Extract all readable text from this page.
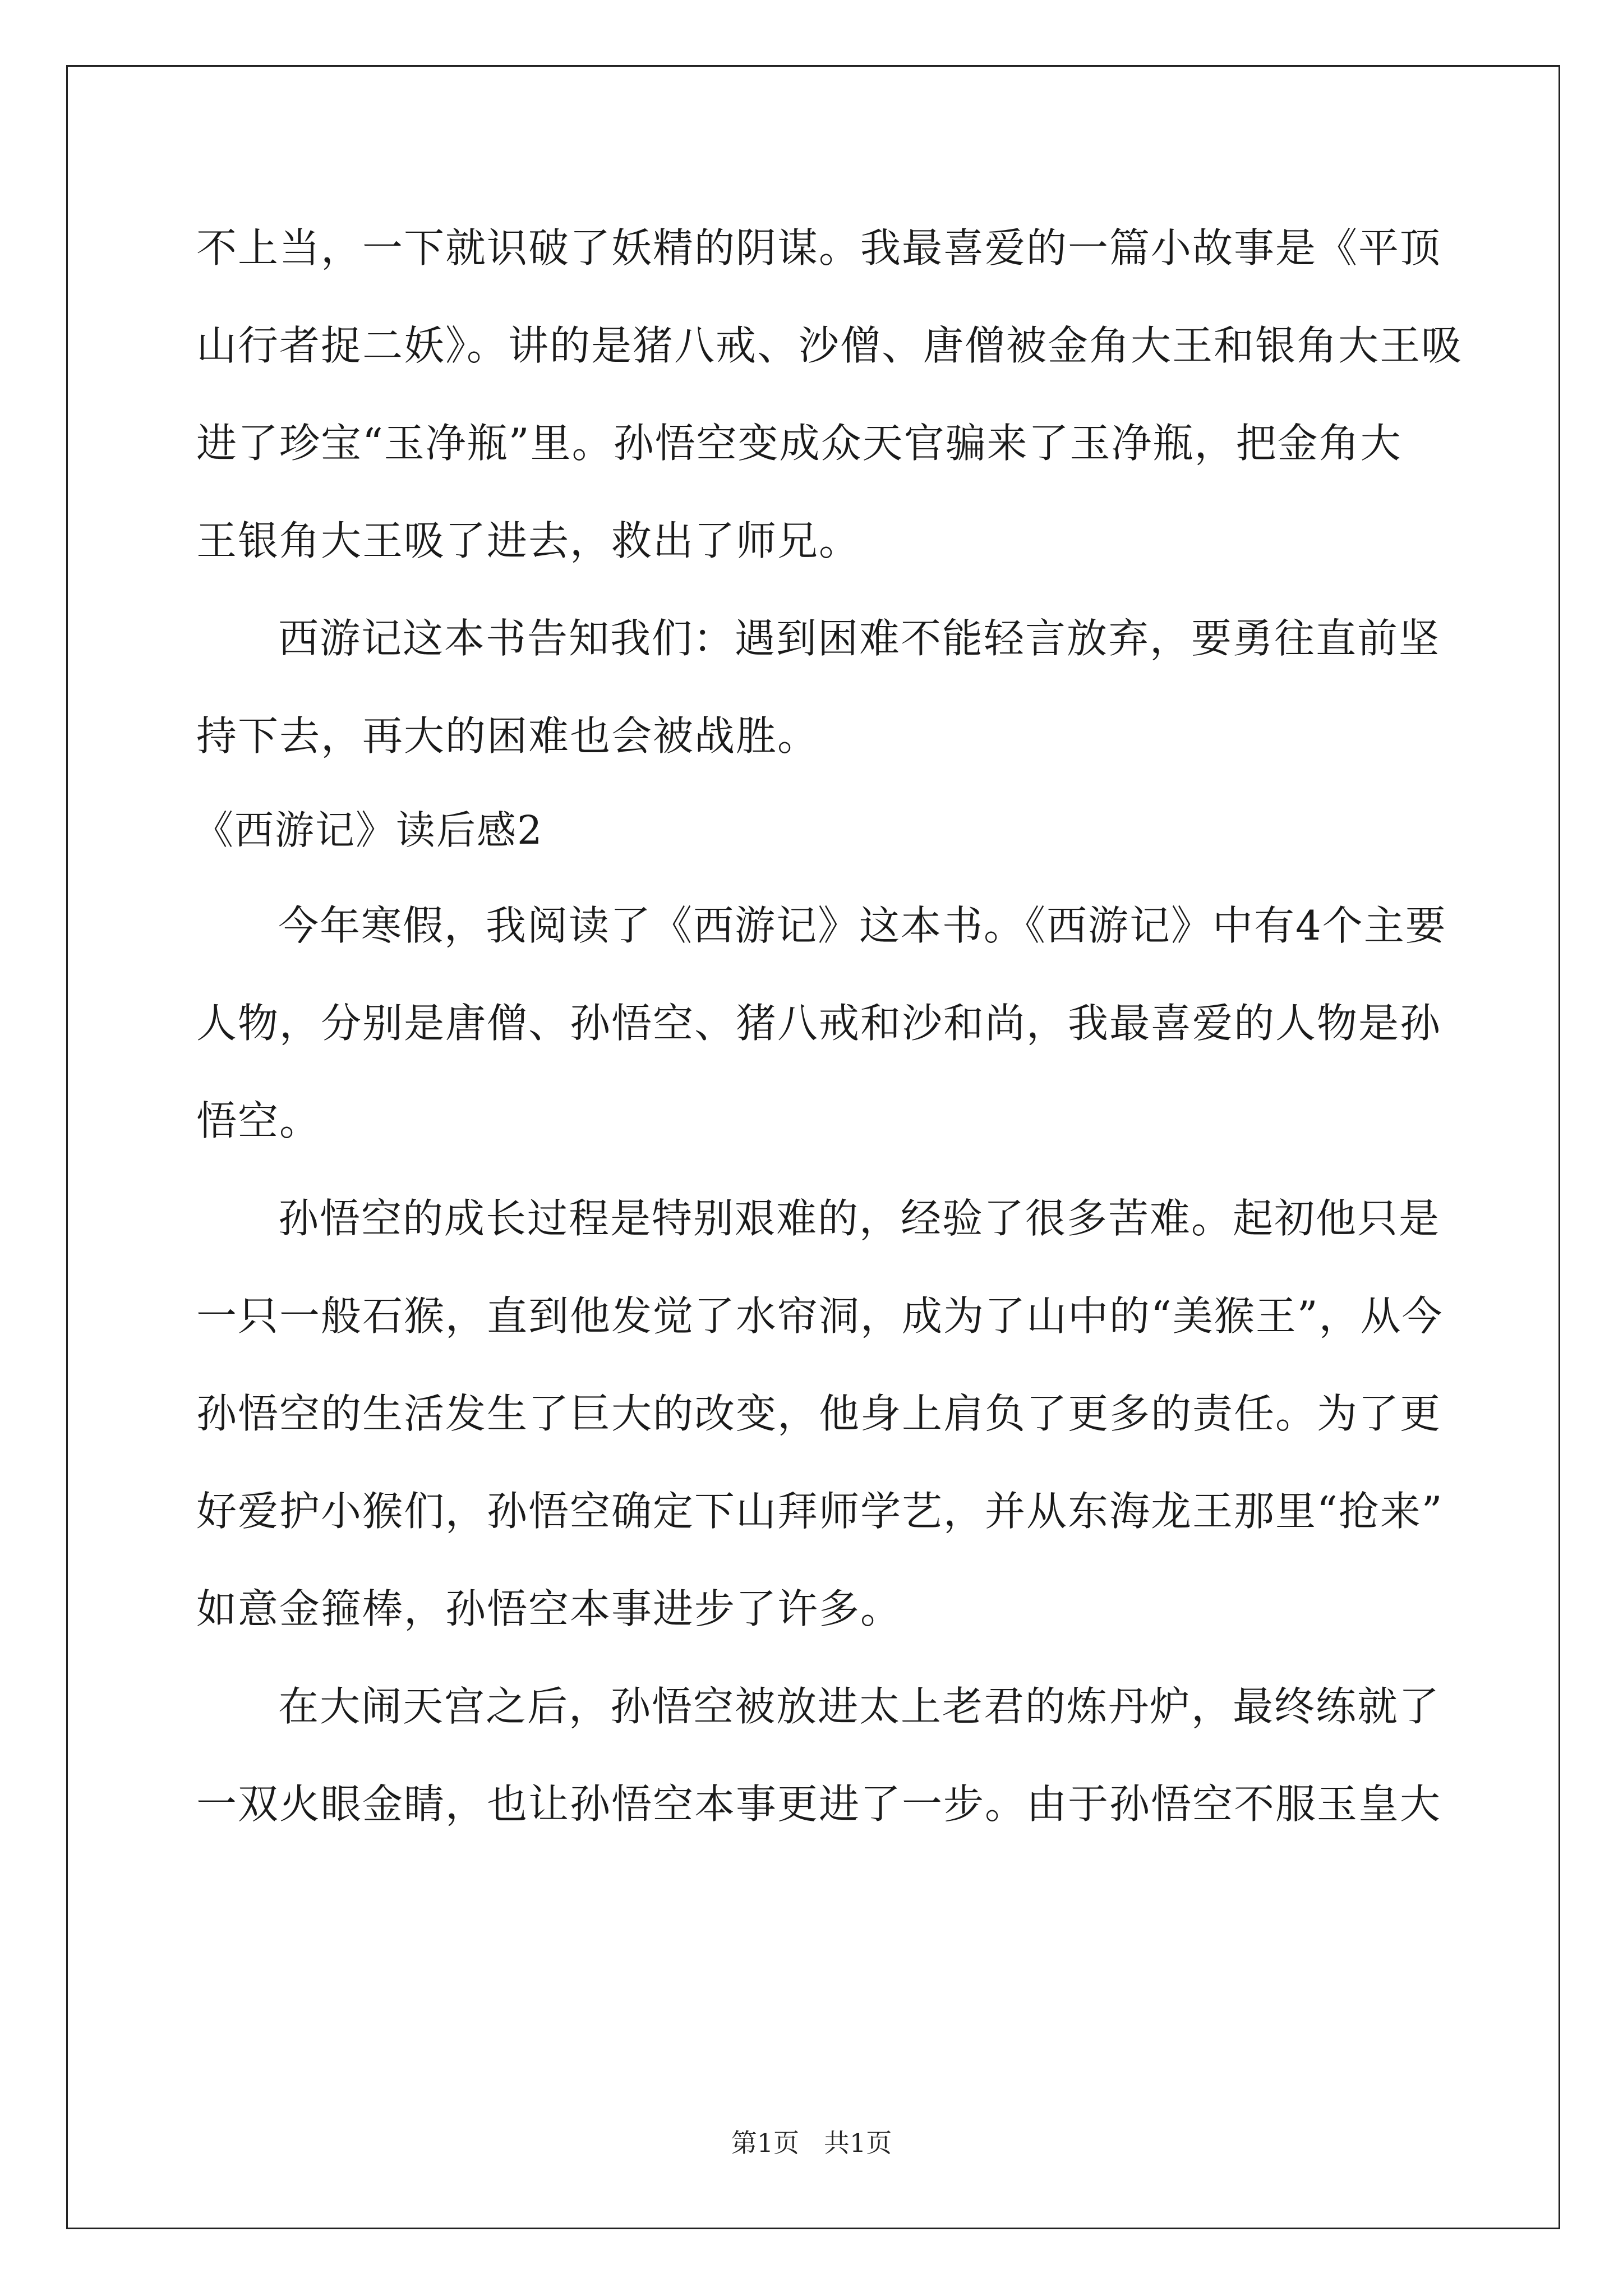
不上当，一下就识破了妖精的阴谋。我最喜爱的一篇小故事是《平顶
山行者捉二妖》。讲的是猪八戒、沙僧、唐僧被金角大王和银角大王吸
进了珍宝“玉净瓶”里。孙悟空变成众天官骗来了玉净瓶，把金角大
王银角大王吸了进去，救出了师兄。
西游记这本书告知我们：遇到困难不能轻言放弃，要勇往直前坚
持下去，再大的困难也会被战胜。
《西游记》读后感2
今年寒假，我阅读了《西游记》这本书。《西游记》中有4个主要
人物，分别是唐僧、孙悟空、猪八戒和沙和尚，我最喜爱的人物是孙
悟空。
孙悟空的成长过程是特别艰难的，经验了很多苦难。起初他只是
一只一般石猴，直到他发觉了水帘洞，成为了山中的“美猴王”，从今
孙悟空的生活发生了巨大的改变，他身上肩负了更多的责任。为了更
好爱护小猴们，孙悟空确定下山拜师学艺，并从东海龙王那里“抢来”
如意金箍棒，孙悟空本事进步了许多。
在大闹天宫之后，孙悟空被放进太上老君的炼丹炉，最终练就了
一双火眼金睛，也让孙悟空本事更进了一步。由于孙悟空不服玉皇大
第1页 共1页
